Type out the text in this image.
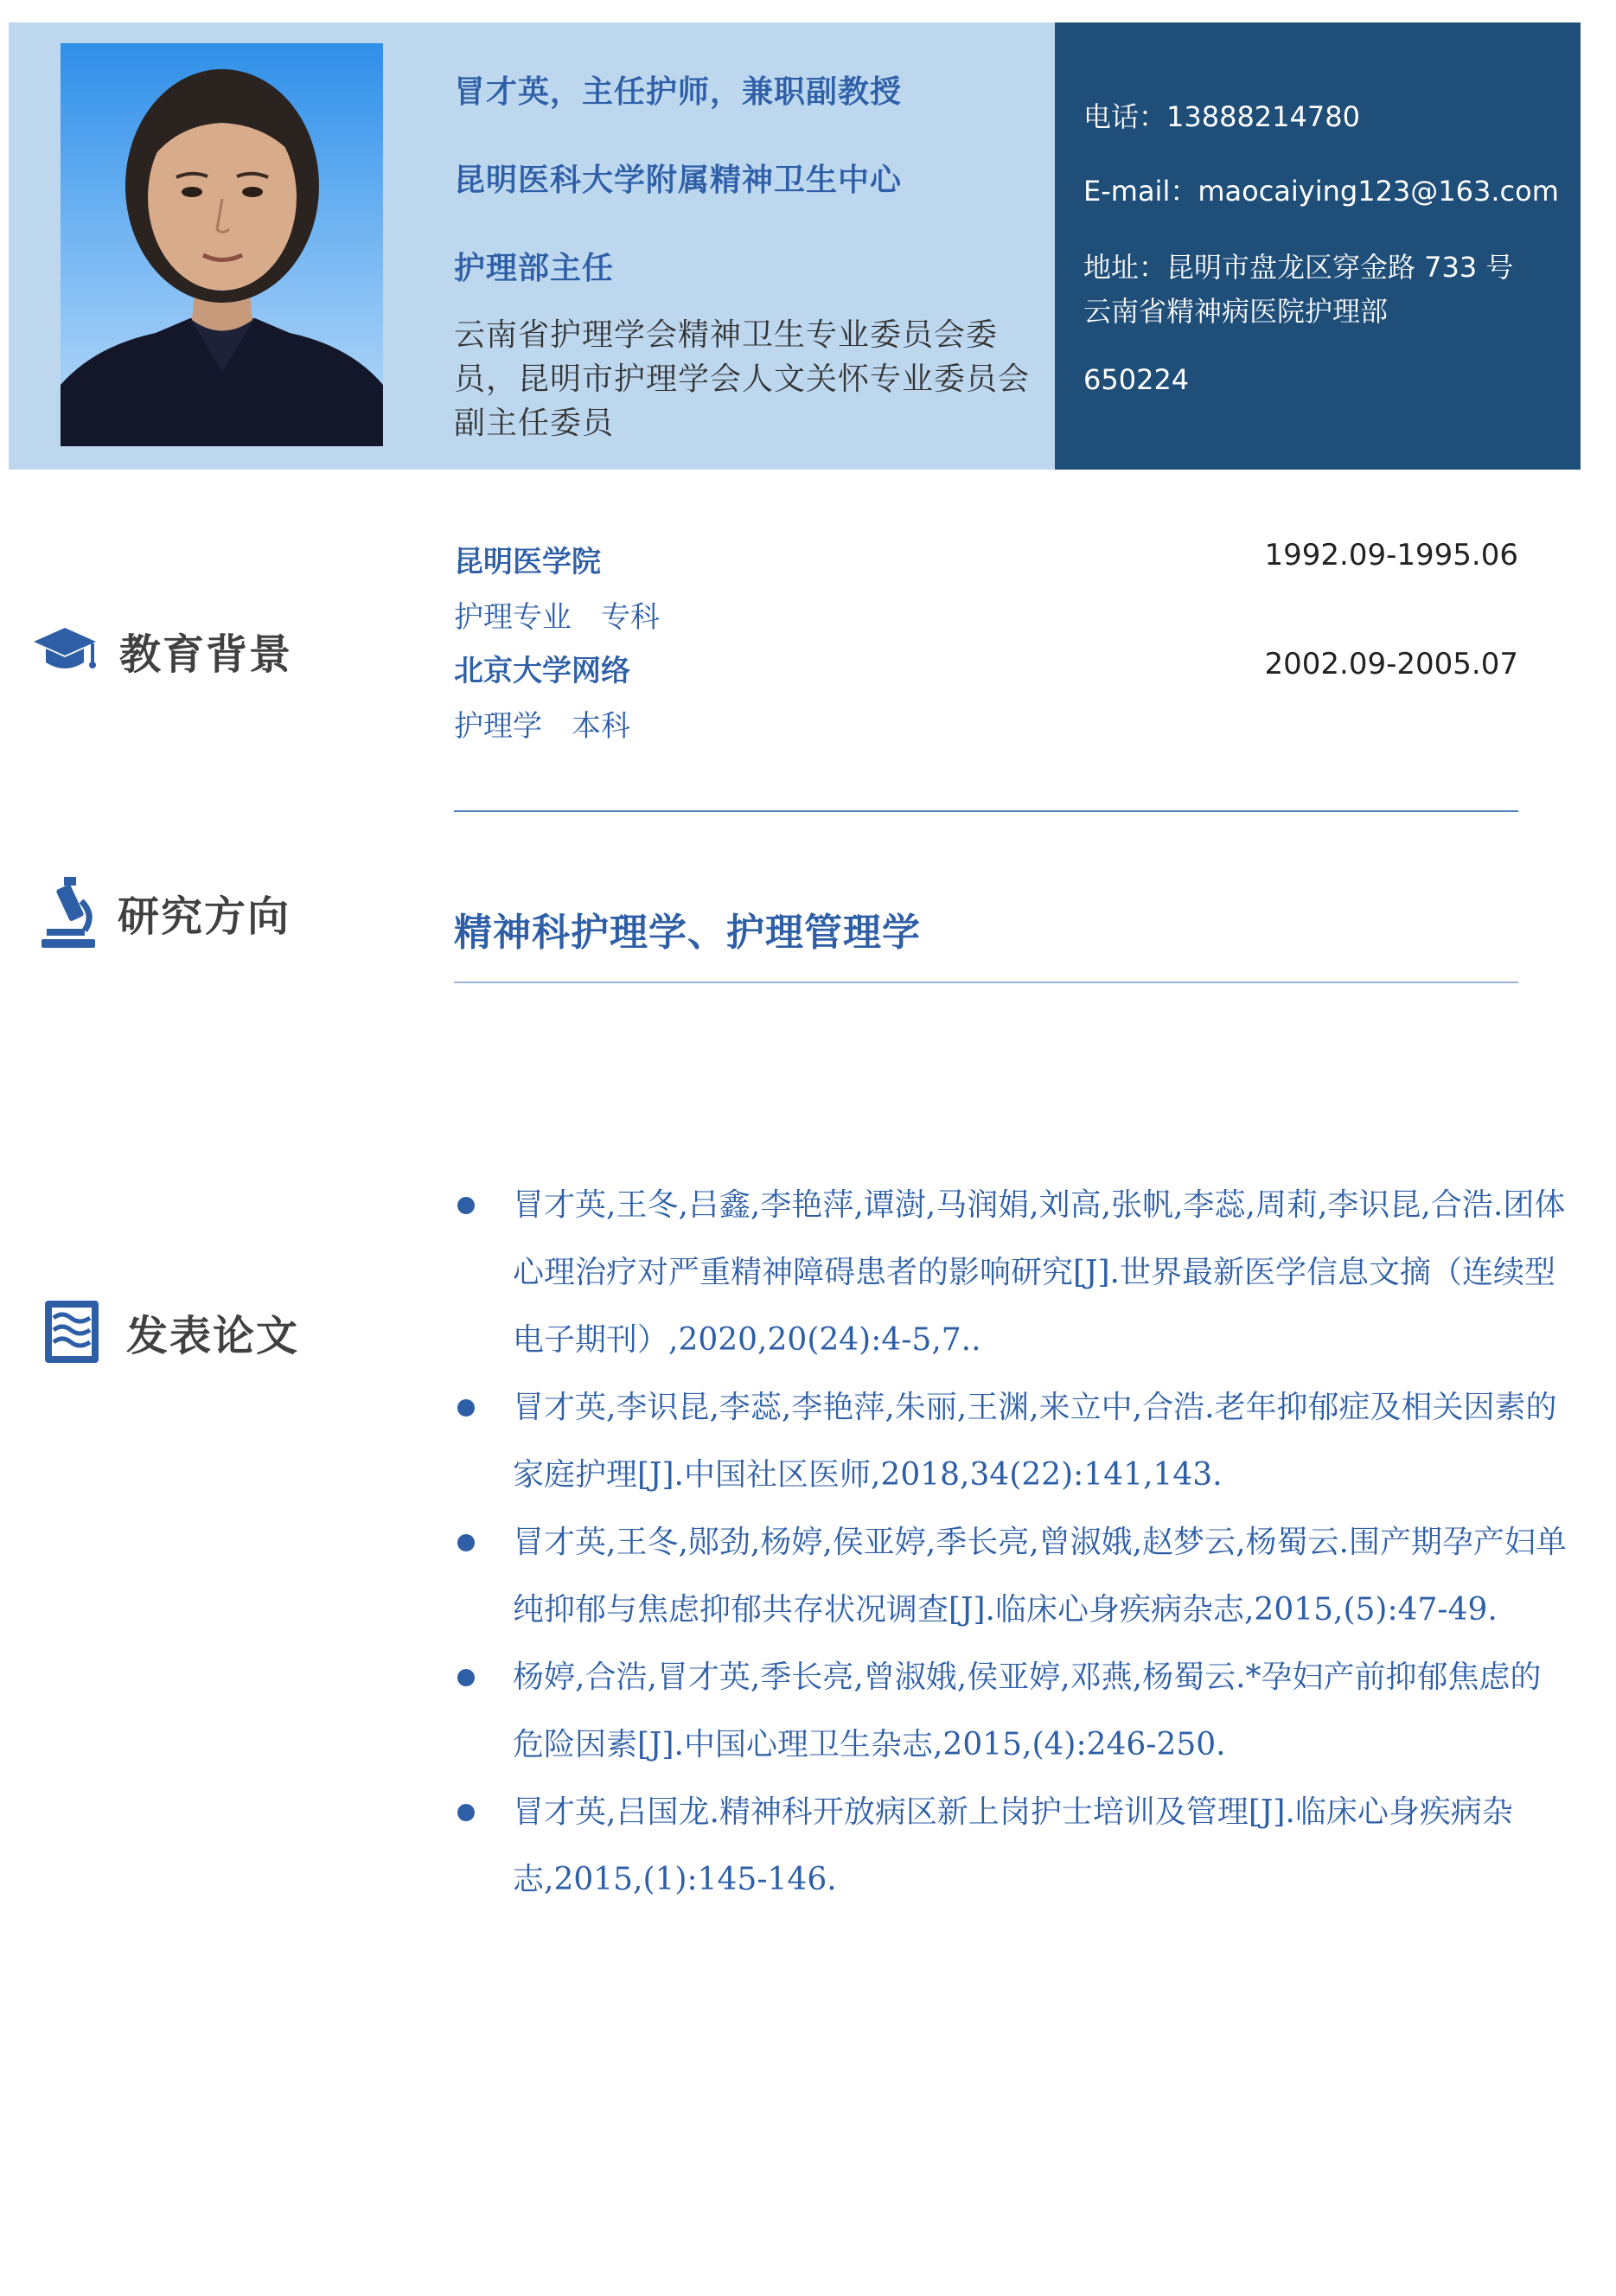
冒才英，主任护师，兼职副教授
昆明医科大学附属精神卫生中心
护理部主任
云南省护理学会精神卫生专业委员会委员，昆明市护理学会人文关怀专业委员会副主任委员
电话：13888214780
E-mail：maocaiying123@163.com
地址：昆明市盘龙区穿金路 733 号
云南省精神病医院护理部
650224
教育背景
昆明医学院	1992.09-1995.06
护理专业 专科
北京大学网络	2002.09-2005.07
护理学 本科
研究方向	精神科护理学、护理管理学
发表论文
冒才英,王冬,吕鑫,李艳萍,谭澍,马润娟,刘高,张帆,李蕊,周莉,李识昆,合浩.团体心理治疗对严重精神障碍患者的影响研究[J].世界最新医学信息文摘（连续型电子期刊）,2020,20(24):4-5,7..
冒才英,李识昆,李蕊,李艳萍,朱丽,王渊,来立中,合浩.老年抑郁症及相关因素的家庭护理[J].中国社区医师,2018,34(22):141,143.
冒才英,王冬,郧劲,杨婷,侯亚婷,季长亮,曾淑娥,赵梦云,杨蜀云.围产期孕产妇单纯抑郁与焦虑抑郁共存状况调查[J].临床心身疾病杂志,2015,(5):47-49.
杨婷,合浩,冒才英,季长亮,曾淑娥,侯亚婷,邓燕,杨蜀云.*孕妇产前抑郁焦虑的危险因素[J].中国心理卫生杂志,2015,(4):246-250.
冒才英,吕国龙.精神科开放病区新上岗护士培训及管理[J].临床心身疾病杂志,2015,(1):145-146.
